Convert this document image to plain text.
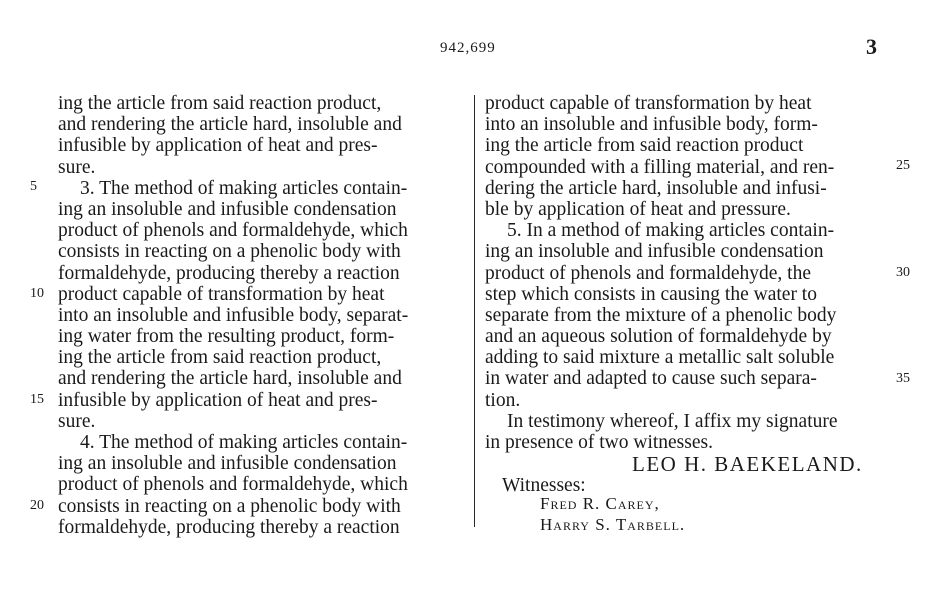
942,699	3
ing the article from said reaction product,
and rendering the article hard, insoluble and
infusible by application of heat and pres-
sure.
3. The method of making articles contain-
ing an insoluble and infusible condensation
product of phenols and formaldehyde, which
consists in reacting on a phenolic body with
formaldehyde, producing thereby a reaction
product capable of transformation by heat
into an insoluble and infusible body, separat-
ing water from the resulting product, form-
ing the article from said reaction product,
and rendering the article hard, insoluble and
infusible by application of heat and pres-
sure.
4. The method of making articles contain-
ing an insoluble and infusible condensation
product of phenols and formaldehyde, which
consists in reacting on a phenolic body with
formaldehyde, producing thereby a reaction
product capable of transformation by heat
into an insoluble and infusible body, form-
ing the article from said reaction product
compounded with a filling material, and ren-
dering the article hard, insoluble and infusi-
ble by application of heat and pressure.
5. In a method of making articles contain-
ing an insoluble and infusible condensation
product of phenols and formaldehyde, the
step which consists in causing the water to
separate from the mixture of a phenolic body
and an aqueous solution of formaldehyde by
adding to said mixture a metallic salt soluble
in water and adapted to cause such separa-
tion.
In testimony whereof, I affix my signature
in presence of two witnesses.
5
10
15
20
25
30
35
LEO H. BAEKELAND.
Witnesses:
Fred R. Carey,
Harry S. Tarbell.
